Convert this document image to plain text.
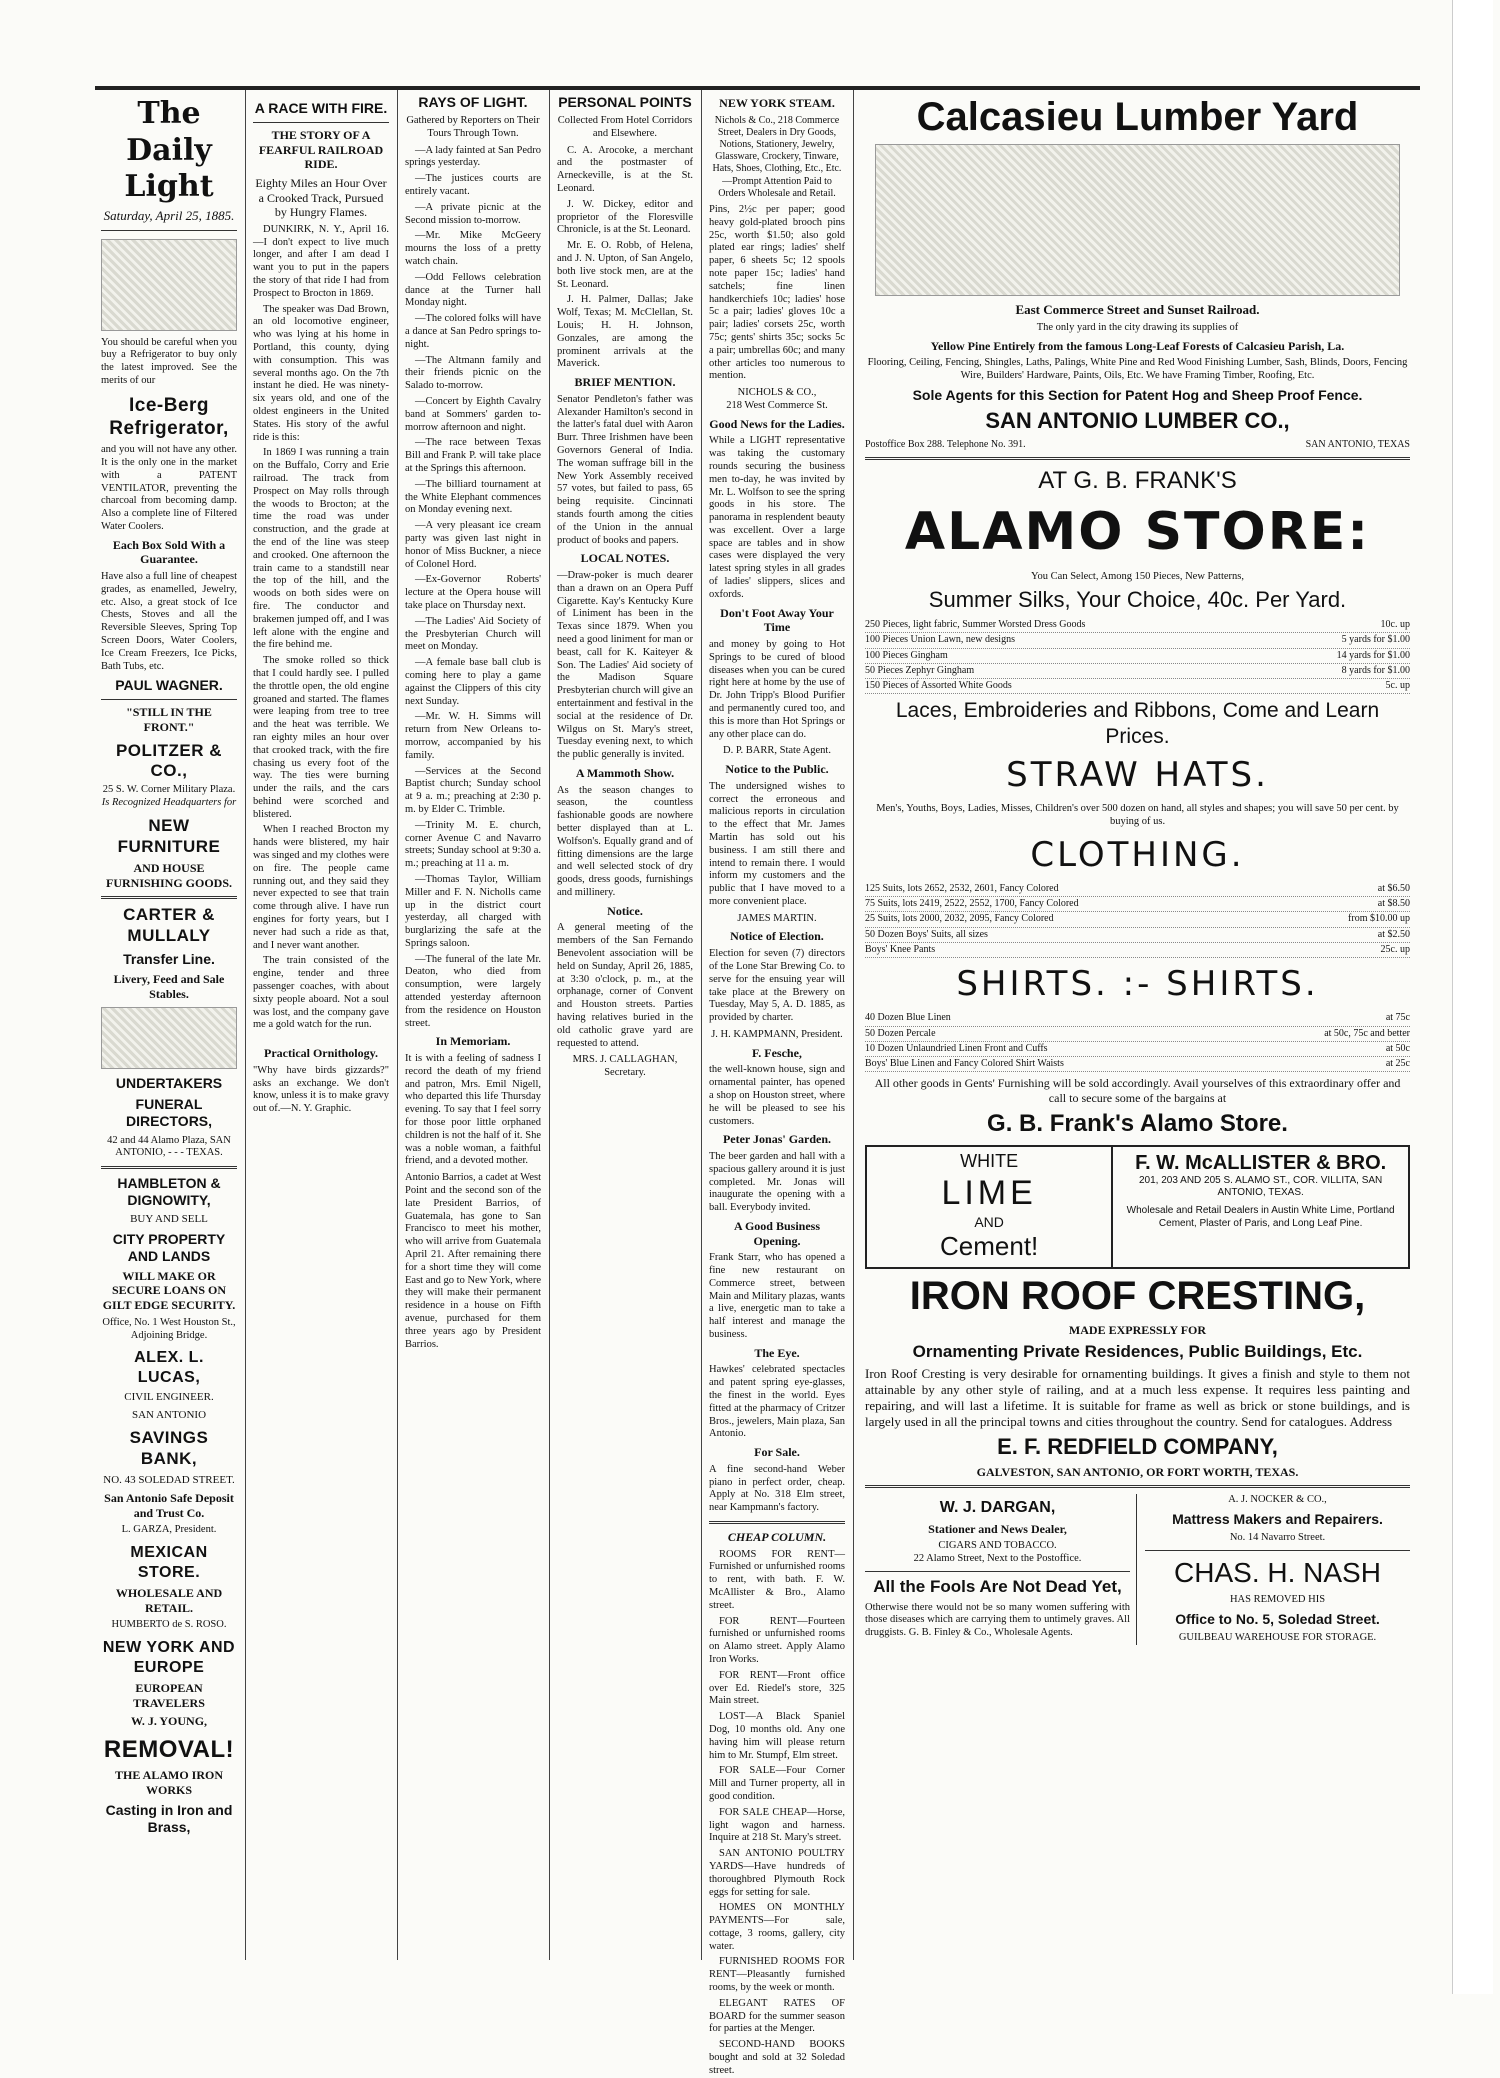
The Daily Light
Saturday, April 25, 1885.
You should be careful when you buy a Refrigerator to buy only the latest improved. See the merits of our
Ice-Berg Refrigerator,
and you will not have any other. It is the only one in the market with a PATENT VENTILATOR, preventing the charcoal from becoming damp. Also a complete line of Filtered Water Coolers.
Each Box Sold With a Guarantee.
Have also a full line of cheapest grades, as enamelled, Jewelry, etc. Also, a great stock of Ice Chests, Stoves and all the Reversible Sleeves, Spring Top Screen Doors, Water Coolers, Ice Cream Freezers, Ice Picks, Bath Tubs, etc.
PAUL WAGNER.
"STILL IN THE FRONT."
POLITZER & CO.,
25 S. W. Corner Military Plaza.
Is Recognized Headquarters for
NEW FURNITURE
AND HOUSE FURNISHING GOODS.
CARTER & MULLALY
Transfer Line.
Livery, Feed and Sale Stables.
UNDERTAKERS
FUNERAL DIRECTORS,
42 and 44 Alamo Plaza, SAN ANTONIO, - - - TEXAS.
HAMBLETON & DIGNOWITY,
BUY AND SELL
CITY PROPERTY AND LANDS
WILL MAKE OR SECURE LOANS ON GILT EDGE SECURITY.
Office, No. 1 West Houston St., Adjoining Bridge.
ALEX. L. LUCAS,
CIVIL ENGINEER.
SAN ANTONIO
SAVINGS BANK,
NO. 43 SOLEDAD STREET.
San Antonio Safe Deposit and Trust Co.
L. GARZA, President.
MEXICAN STORE.
WHOLESALE AND RETAIL.
HUMBERTO de S. ROSO.
NEW YORK AND EUROPE
EUROPEAN TRAVELERS
W. J. YOUNG,
REMOVAL!
THE ALAMO IRON WORKS
Casting in Iron and Brass,
A RACE WITH FIRE.
THE STORY OF A FEARFUL RAILROAD RIDE.
Eighty Miles an Hour Over a Crooked Track, Pursued by Hungry Flames.

DUNKIRK, N. Y., April 16.—I don't expect to live much longer, and after I am dead I want you to put in the papers the story of that ride I had from Prospect to Brocton in 1869.

The speaker was Dad Brown, an old locomotive engineer, who was lying at his home in Portland, this county, dying with consumption. This was several months ago. On the 7th instant he died. He was ninety-six years old, and one of the oldest engineers in the United States. His story of the awful ride is this:

In 1869 I was running a train on the Buffalo, Corry and Erie railroad. The track from Prospect on May rolls through the woods to Brocton; at the time the road was under construction, and the grade at the end of the line was steep and crooked. One afternoon the train came to a standstill near the top of the hill, and the woods on both sides were on fire. The conductor and brakemen jumped off, and I was left alone with the engine and the fire behind me.

The smoke rolled so thick that I could hardly see. I pulled the throttle open, the old engine groaned and started. The flames were leaping from tree to tree and the heat was terrible. We ran eighty miles an hour over that crooked track, with the fire chasing us every foot of the way. The ties were burning under the rails, and the cars behind were scorched and blistered.

When I reached Brocton my hands were blistered, my hair was singed and my clothes were on fire. The people came running out, and they said they never expected to see that train come through alive. I have run engines for forty years, but I never had such a ride as that, and I never want another.

The train consisted of the engine, tender and three passenger coaches, with about sixty people aboard. Not a soul was lost, and the company gave me a gold watch for the run.

Practical Ornithology.
"Why have birds gizzards?" asks an exchange. We don't know, unless it is to make gravy out of.—N. Y. Graphic.
RAYS OF LIGHT.
Gathered by Reporters on Their Tours Through Town.

—A lady fainted at San Pedro springs yesterday.

—The justices courts are entirely vacant.

—A private picnic at the Second mission to-morrow.

—Mr. Mike McGeery mourns the loss of a pretty watch chain.

—Odd Fellows celebration dance at the Turner hall Monday night.

—The colored folks will have a dance at San Pedro springs to-night.

—The Altmann family and their friends picnic on the Salado to-morrow.

—Concert by Eighth Cavalry band at Sommers' garden to-morrow afternoon and night.

—The race between Texas Bill and Frank P. will take place at the Springs this afternoon.

—The billiard tournament at the White Elephant commences on Monday evening next.

—A very pleasant ice cream party was given last night in honor of Miss Buckner, a niece of Colonel Hord.

—Ex-Governor Roberts' lecture at the Opera house will take place on Thursday next.

—The Ladies' Aid Society of the Presbyterian Church will meet on Monday.

—A female base ball club is coming here to play a game against the Clippers of this city next Sunday.

—Mr. W. H. Simms will return from New Orleans to-morrow, accompanied by his family.

—Services at the Second Baptist church; Sunday school at 9 a. m.; preaching at 2:30 p. m. by Elder C. Trimble.

—Trinity M. E. church, corner Avenue C and Navarro streets; Sunday school at 9:30 a. m.; preaching at 11 a. m.

—Thomas Taylor, William Miller and F. N. Nicholls came up in the district court yesterday, all charged with burglarizing the safe at the Springs saloon.

—The funeral of the late Mr. Deaton, who died from consumption, were largely attended yesterday afternoon from the residence on Houston street.

In Memoriam.
It is with a feeling of sadness I record the death of my friend and patron, Mrs. Emil Nigell, who departed this life Thursday evening. To say that I feel sorry for those poor little orphaned children is not the half of it. She was a noble woman, a faithful friend, and a devoted mother.
Antonio Barrios, a cadet at West Point and the second son of the late President Barrios, of Guatemala, has gone to San Francisco to meet his mother, who will arrive from Guatemala April 21. After remaining there for a short time they will come East and go to New York, where they will make their permanent residence in a house on Fifth avenue, purchased for them three years ago by President Barrios.
PERSONAL POINTS
Collected From Hotel Corridors and Elsewhere.

C. A. Arocoke, a merchant and the postmaster of Arneckeville, is at the St. Leonard.

J. W. Dickey, editor and proprietor of the Floresville Chronicle, is at the St. Leonard.

Mr. E. O. Robb, of Helena, and J. N. Upton, of San Angelo, both live stock men, are at the St. Leonard.

J. H. Palmer, Dallas; Jake Wolf, Texas; M. McClellan, St. Louis; H. H. Johnson, Gonzales, are among the prominent arrivals at the Maverick.

BRIEF MENTION.
Senator Pendleton's father was Alexander Hamilton's second in the latter's fatal duel with Aaron Burr. Three Irishmen have been Governors General of India. The woman suffrage bill in the New York Assembly received 57 votes, but failed to pass, 65 being requisite. Cincinnati stands fourth among the cities of the Union in the annual product of books and papers.
LOCAL NOTES.
—Draw-poker is much dearer than a drawn on an Opera Puff Cigarette. Kay's Kentucky Kure of Liniment has been in the Texas since 1879. When you need a good liniment for man or beast, call for K. Kaiteyer & Son. The Ladies' Aid society of the Madison Square Presbyterian church will give an entertainment and festival in the social at the residence of Dr. Wilgus on St. Mary's street, Tuesday evening next, to which the public generally is invited.
A Mammoth Show.
As the season changes to season, the countless fashionable goods are nowhere better displayed than at L. Wolfson's. Equally grand and of fitting dimensions are the large and well selected stock of dry goods, dress goods, furnishings and millinery.
Notice.
A general meeting of the members of the San Fernando Benevolent association will be held on Sunday, April 26, 1885, at 3:30 o'clock, p. m., at the orphanage, corner of Convent and Houston streets. Parties having relatives buried in the old catholic grave yard are requested to attend.
MRS. J. CALLAGHAN, Secretary.
NEW YORK STEAM.
Nichols & Co., 218 Commerce Street, Dealers in Dry Goods, Notions, Stationery, Jewelry, Glassware, Crockery, Tinware, Hats, Shoes, Clothing, Etc., Etc.—Prompt Attention Paid to Orders Wholesale and Retail.
Pins, 2½c per paper; good heavy gold-plated brooch pins 25c, worth $1.50; also gold plated ear rings; ladies' shelf paper, 6 sheets 5c; 12 spools note paper 15c; ladies' hand satchels; fine linen handkerchiefs 10c; ladies' hose 5c a pair; ladies' gloves 10c a pair; ladies' corsets 25c, worth 75c; gents' shirts 35c; socks 5c a pair; umbrellas 60c; and many other articles too numerous to mention.
NICHOLS & CO.,
218 West Commerce St.
Good News for the Ladies.
While a LIGHT representative was taking the customary rounds securing the business men to-day, he was invited by Mr. L. Wolfson to see the spring goods in his store. The panorama in resplendent beauty was excellent. Over a large space are tables and in show cases were displayed the very latest spring styles in all grades of ladies' slippers, slices and oxfords.
Don't Foot Away Your Time
and money by going to Hot Springs to be cured of blood diseases when you can be cured right here at home by the use of Dr. John Tripp's Blood Purifier and permanently cured too, and this is more than Hot Springs or any other place can do.
D. P. BARR, State Agent.
Notice to the Public.
The undersigned wishes to correct the erroneous and malicious reports in circulation to the effect that Mr. James Martin has sold out his business. I am still there and intend to remain there. I would inform my customers and the public that I have moved to a more convenient place.
JAMES MARTIN.
Notice of Election.
Election for seven (7) directors of the Lone Star Brewing Co. to serve for the ensuing year will take place at the Brewery on Tuesday, May 5, A. D. 1885, as provided by charter.
J. H. KAMPMANN, President.
F. Fesche,
the well-known house, sign and ornamental painter, has opened a shop on Houston street, where he will be pleased to see his customers.
Peter Jonas' Garden.
The beer garden and hall with a spacious gallery around it is just completed. Mr. Jonas will inaugurate the opening with a ball. Everybody invited.
A Good Business Opening.
Frank Starr, who has opened a fine new restaurant on Commerce street, between Main and Military plazas, wants a live, energetic man to take a half interest and manage the business.
The Eye.
Hawkes' celebrated spectacles and patent spring eye-glasses, the finest in the world. Eyes fitted at the pharmacy of Critzer Bros., jewelers, Main plaza, San Antonio.
For Sale.
A fine second-hand Weber piano in perfect order, cheap. Apply at No. 318 Elm street, near Kampmann's factory.
CHEAP COLUMN.

ROOMS FOR RENT—Furnished or unfurnished rooms to rent, with bath. F. W. McAllister & Bro., Alamo street.

FOR RENT—Fourteen furnished or unfurnished rooms on Alamo street. Apply Alamo Iron Works.

FOR RENT—Front office over Ed. Riedel's store, 325 Main street.

LOST—A Black Spaniel Dog, 10 months old. Any one having him will please return him to Mr. Stumpf, Elm street.

FOR SALE—Four Corner Mill and Turner property, all in good condition.

FOR SALE CHEAP—Horse, light wagon and harness. Inquire at 218 St. Mary's street.

SAN ANTONIO POULTRY YARDS—Have hundreds of thoroughbred Plymouth Rock eggs for setting for sale.

HOMES ON MONTHLY PAYMENTS—For sale, cottage, 3 rooms, gallery, city water.

FURNISHED ROOMS FOR RENT—Pleasantly furnished rooms, by the week or month.

ELEGANT RATES OF BOARD for the summer season for parties at the Menger.

SECOND-HAND BOOKS bought and sold at 32 Soledad street.

Calcasieu Lumber Yard
East Commerce Street and Sunset Railroad.
The only yard in the city drawing its supplies of
Yellow Pine Entirely from the famous Long-Leaf Forests of Calcasieu Parish, La.
Flooring, Ceiling, Fencing, Shingles, Laths, Palings, White Pine and Red Wood Finishing Lumber, Sash, Blinds, Doors, Fencing Wire, Builders' Hardware, Paints, Oils, Etc. We have Framing Timber, Roofing, Etc.
Sole Agents for this Section for Patent Hog and Sheep Proof Fence.
SAN ANTONIO LUMBER CO.,
Postoffice Box 288. Telephone No. 391.	SAN ANTONIO, TEXAS
AT G. B. FRANK'S
ALAMO STORE:
You Can Select, Among 150 Pieces, New Patterns,
Summer Silks, Your Choice, 40c. Per Yard.
250 Pieces, light fabric, Summer Worsted Dress Goods	10c. up
100 Pieces Union Lawn, new designs	5 yards for $1.00
100 Pieces Gingham	14 yards for $1.00
50 Pieces Zephyr Gingham	8 yards for $1.00
150 Pieces of Assorted White Goods	5c. up
Laces, Embroideries and Ribbons, Come and Learn Prices.
STRAW HATS.
Men's, Youths, Boys, Ladies, Misses, Children's over 500 dozen on hand, all styles and shapes; you will save 50 per cent. by buying of us.
CLOTHING.
125 Suits, lots 2652, 2532, 2601, Fancy Colored	at $6.50
75 Suits, lots 2419, 2522, 2552, 1700, Fancy Colored	at $8.50
25 Suits, lots 2000, 2032, 2095, Fancy Colored	from $10.00 up
50 Dozen Boys' Suits, all sizes	at $2.50
Boys' Knee Pants	25c. up
SHIRTS. :- SHIRTS.
40 Dozen Blue Linen	at 75c
50 Dozen Percale	at 50c, 75c and better
10 Dozen Unlaundried Linen Front and Cuffs	at 50c
Boys' Blue Linen and Fancy Colored Shirt Waists	at 25c
All other goods in Gents' Furnishing will be sold accordingly. Avail yourselves of this extraordinary offer and call to secure some of the bargains at
G. B. Frank's Alamo Store.
WHITE
LIME
AND
Cement!
F. W. McALLISTER & BRO.
201, 203 AND 205 S. ALAMO ST., COR. VILLITA, SAN ANTONIO, TEXAS.
Wholesale and Retail Dealers in Austin White Lime, Portland Cement, Plaster of Paris, and Long Leaf Pine.
IRON ROOF CRESTING,
MADE EXPRESSLY FOR
Ornamenting Private Residences, Public Buildings, Etc.
Iron Roof Cresting is very desirable for ornamenting buildings. It gives a finish and style to them not attainable by any other style of railing, and at a much less expense. It requires less painting and repairing, and will last a lifetime. It is suitable for frame as well as brick or stone buildings, and is largely used in all the principal towns and cities throughout the country. Send for catalogues. Address
E. F. REDFIELD COMPANY,
GALVESTON, SAN ANTONIO, OR FORT WORTH, TEXAS.
W. J. DARGAN,
Stationer and News Dealer,
CIGARS AND TOBACCO.
22 Alamo Street, Next to the Postoffice.
All the Fools Are Not Dead Yet,
Otherwise there would not be so many women suffering with those diseases which are carrying them to untimely graves. All druggists. G. B. Finley & Co., Wholesale Agents.
A. J. NOCKER & CO.,
Mattress Makers and Repairers.
No. 14 Navarro Street.
CHAS. H. NASH
HAS REMOVED HIS
Office to No. 5, Soledad Street.
GUILBEAU WAREHOUSE FOR STORAGE.
